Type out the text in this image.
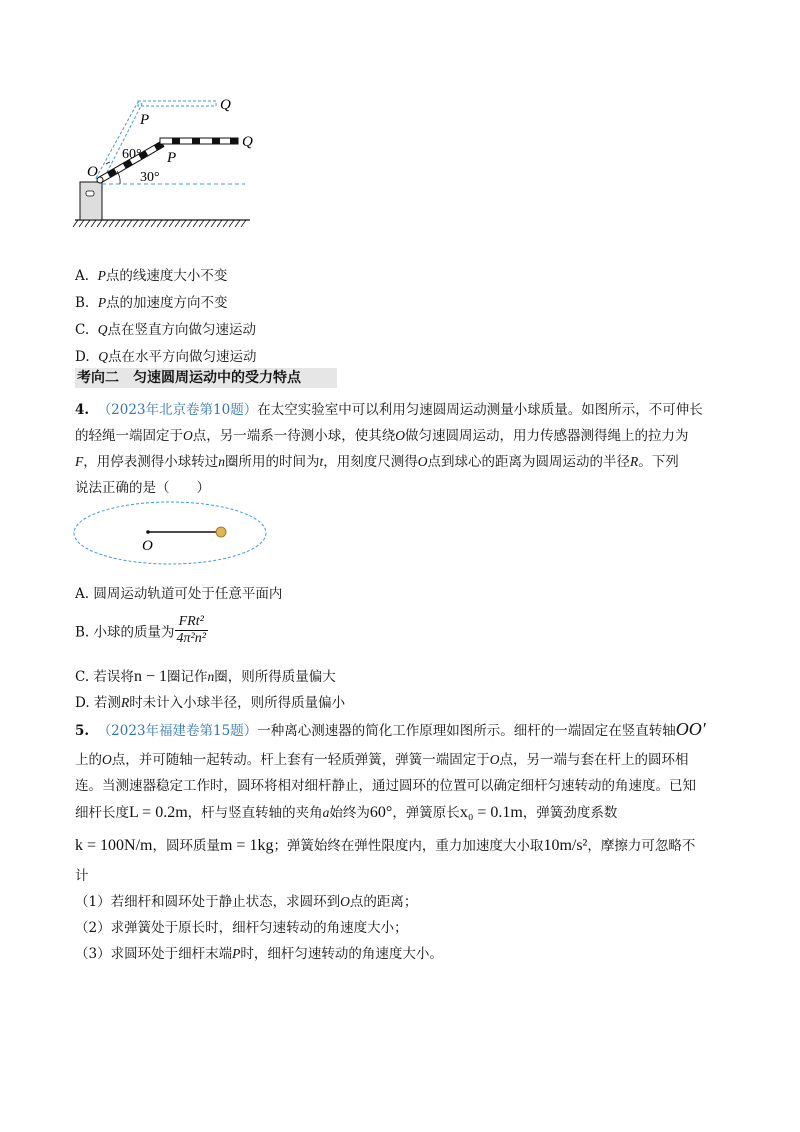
Q
P
Q
P
O
60°
30°
A. P点的线速度大小不变
B. P点的加速度方向不变
C. Q点在竖直方向做匀速运动
D. Q点在水平方向做匀速运动
考向二　匀速圆周运动中的受力特点
4. （2023年北京卷第10题）在太空实验室中可以利用匀速圆周运动测量小球质量。如图所示，不可伸长
的轻绳一端固定于O点，另一端系一待测小球，使其绕O做匀速圆周运动，用力传感器测得绳上的拉力为
F，用停表测得小球转过n圈所用的时间为t，用刻度尺测得O点到球心的距离为圆周运动的半径R。下列
说法正确的是（　　）
O
A. 圆周运动轨道可处于任意平面内
B. 小球的质量为 $\frac{\text{FRt²}}{\text{4π²n²}}$
C. 若误将n − 1圈记作n圈，则所得质量偏大
D. 若测R时未计入小球半径，则所得质量偏小
5. （2023年福建卷第15题）一种离心测速器的简化工作原理如图所示。细杆的一端固定在竖直转轴OO′
上的O点，并可随轴一起转动。杆上套有一轻质弹簧，弹簧一端固定于O点，另一端与套在杆上的圆环相
连。当测速器稳定工作时，圆环将相对细杆静止，通过圆环的位置可以确定细杆匀速转动的角速度。已知
细杆长度L = 0.2m，杆与竖直转轴的夹角a始终为60°，弹簧原长x₀ = 0.1m，弹簧劲度系数
k = 100N/m，圆环质量m = 1kg；弹簧始终在弹性限度内，重力加速度大小取10m/s²，摩擦力可忽略不
计
（1）若细杆和圆环处于静止状态，求圆环到O点的距离；
（2）求弹簧处于原长时，细杆匀速转动的角速度大小；
（3）求圆环处于细杆末端P时，细杆匀速转动的角速度大小。
